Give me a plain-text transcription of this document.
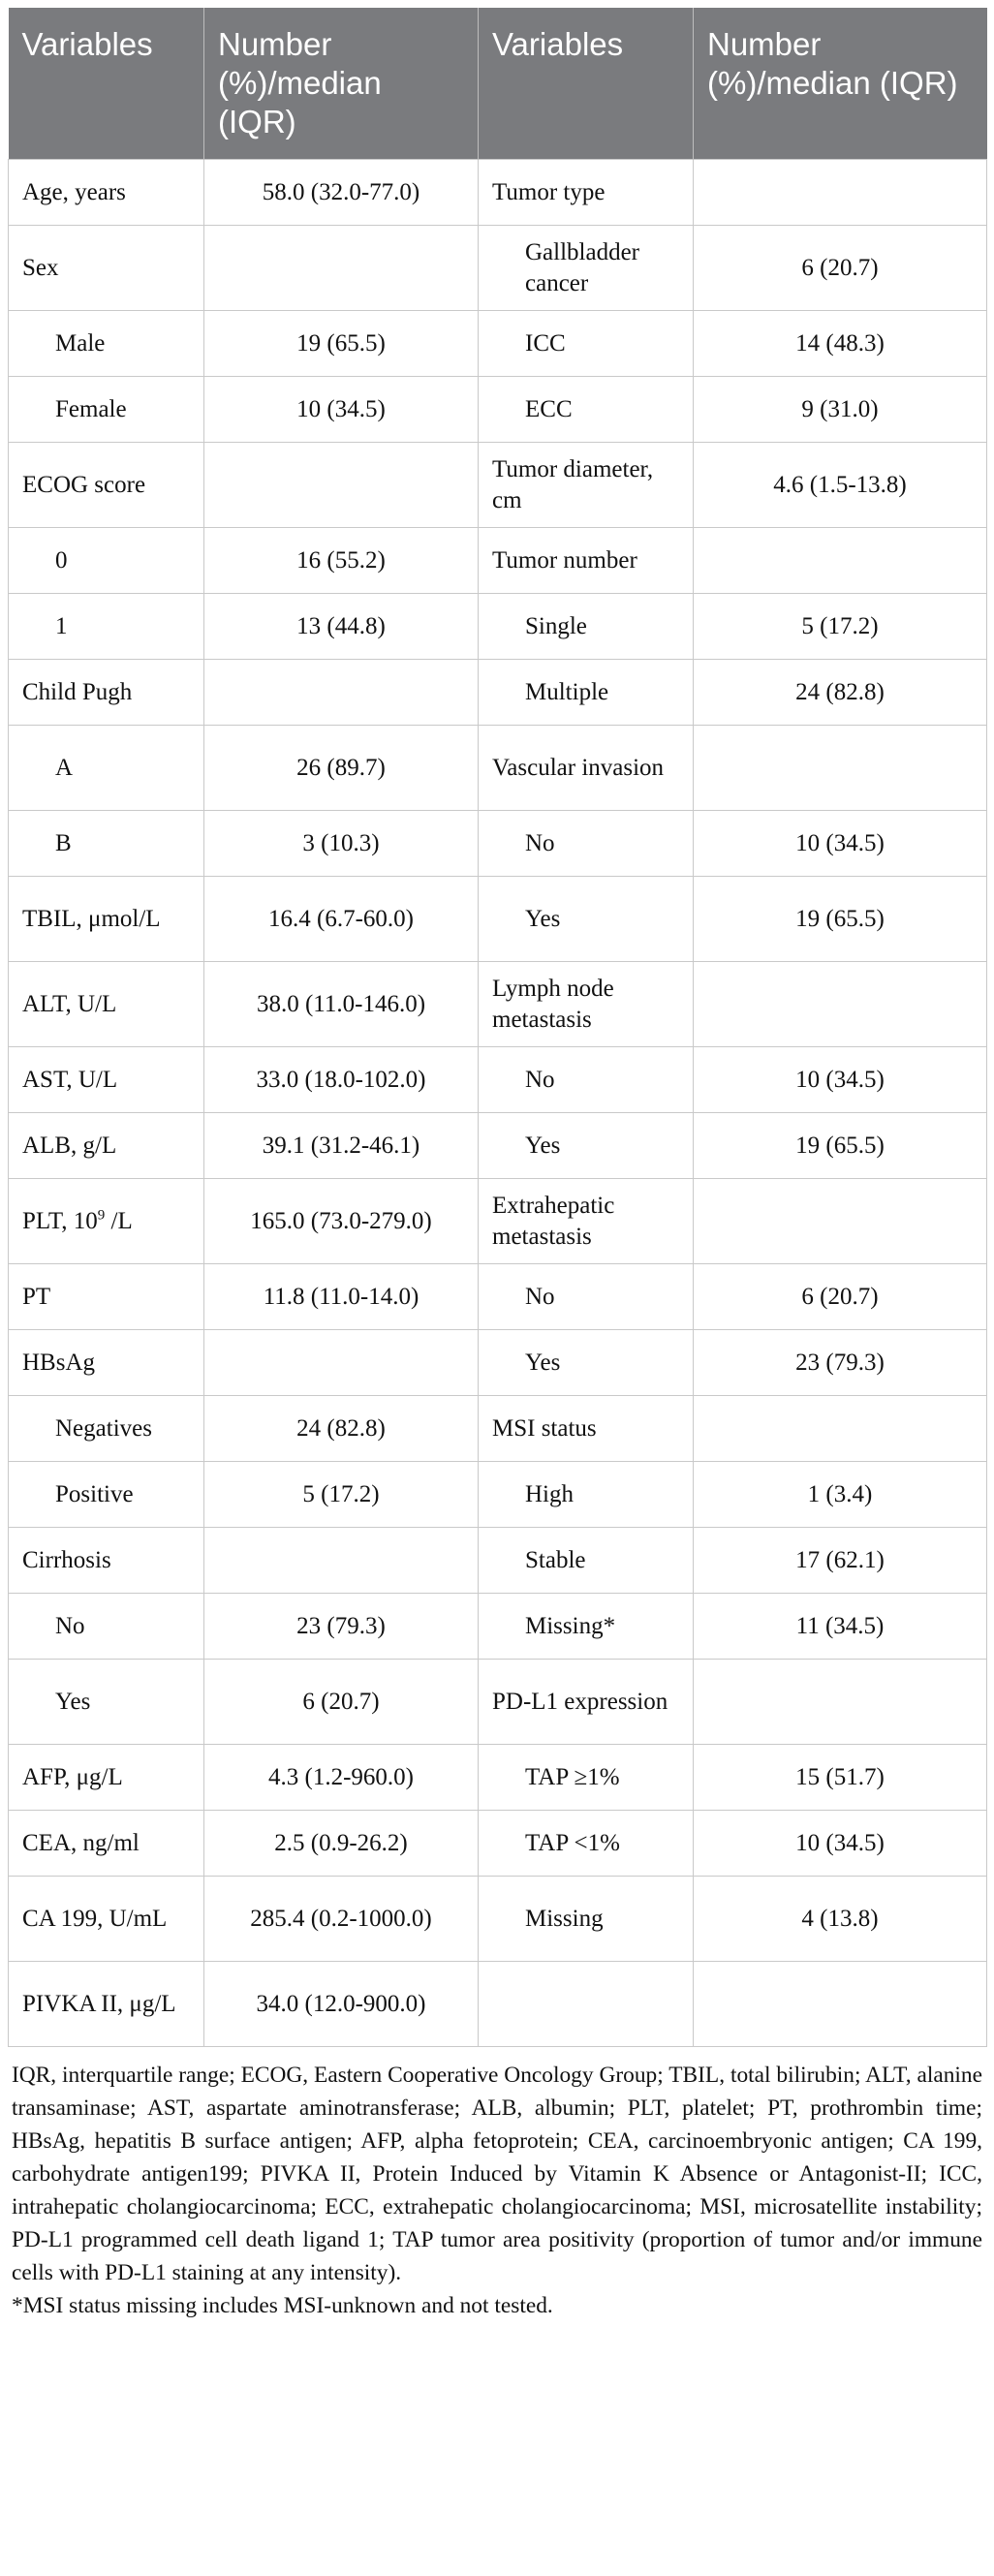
Variables	Number (%)/median (IQR)	Variables	Number (%)/median (IQR)
Age, years	58.0 (32.0-77.0)	Tumor type	
Sex		Gallbladder cancer	6 (20.7)
Male	19 (65.5)	ICC	14 (48.3)
Female	10 (34.5)	ECC	9 (31.0)
ECOG score		Tumor diameter, cm	4.6 (1.5-13.8)
0	16 (55.2)	Tumor number	
1	13 (44.8)	Single	5 (17.2)
Child Pugh		Multiple	24 (82.8)
A	26 (89.7)	Vascular invasion	
B	3 (10.3)	No	10 (34.5)
TBIL, μmol/L	16.4 (6.7-60.0)	Yes	19 (65.5)
ALT, U/L	38.0 (11.0-146.0)	Lymph node metastasis	
AST, U/L	33.0 (18.0-102.0)	No	10 (34.5)
ALB, g/L	39.1 (31.2-46.1)	Yes	19 (65.5)
PLT, $10^9$ /L	165.0 (73.0-279.0)	Extrahepatic metastasis	
PT	11.8 (11.0-14.0)	No	6 (20.7)
HBsAg		Yes	23 (79.3)
Negatives	24 (82.8)	MSI status	
Positive	5 (17.2)	High	1 (3.4)
Cirrhosis		Stable	17 (62.1)
No	23 (79.3)	Missing*	11 (34.5)
Yes	6 (20.7)	PD-L1 expression	
AFP, μg/L	4.3 (1.2-960.0)	TAP ≥1%	15 (51.7)
CEA, ng/ml	2.5 (0.9-26.2)	TAP <1%	10 (34.5)
CA 199, U/mL	285.4 (0.2-1000.0)	Missing	4 (13.8)
PIVKA II, μg/L	34.0 (12.0-900.0)		

IQR, interquartile range; ECOG, Eastern Cooperative Oncology Group; TBIL, total bilirubin; ALT, alanine transaminase; AST, aspartate aminotransferase; ALB, albumin; PLT, platelet; PT, prothrombin time; HBsAg, hepatitis B surface antigen; AFP, alpha fetoprotein; CEA, carcinoembryonic antigen; CA 199, carbohydrate antigen199; PIVKA II, Protein Induced by Vitamin K Absence or Antagonist-II; ICC, intrahepatic cholangiocarcinoma; ECC, extrahepatic cholangiocarcinoma; MSI, microsatellite instability; PD-L1 programmed cell death ligand 1; TAP tumor area positivity (proportion of tumor and/or immune cells with PD-L1 staining at any intensity).

*MSI status missing includes MSI-unknown and not tested.
